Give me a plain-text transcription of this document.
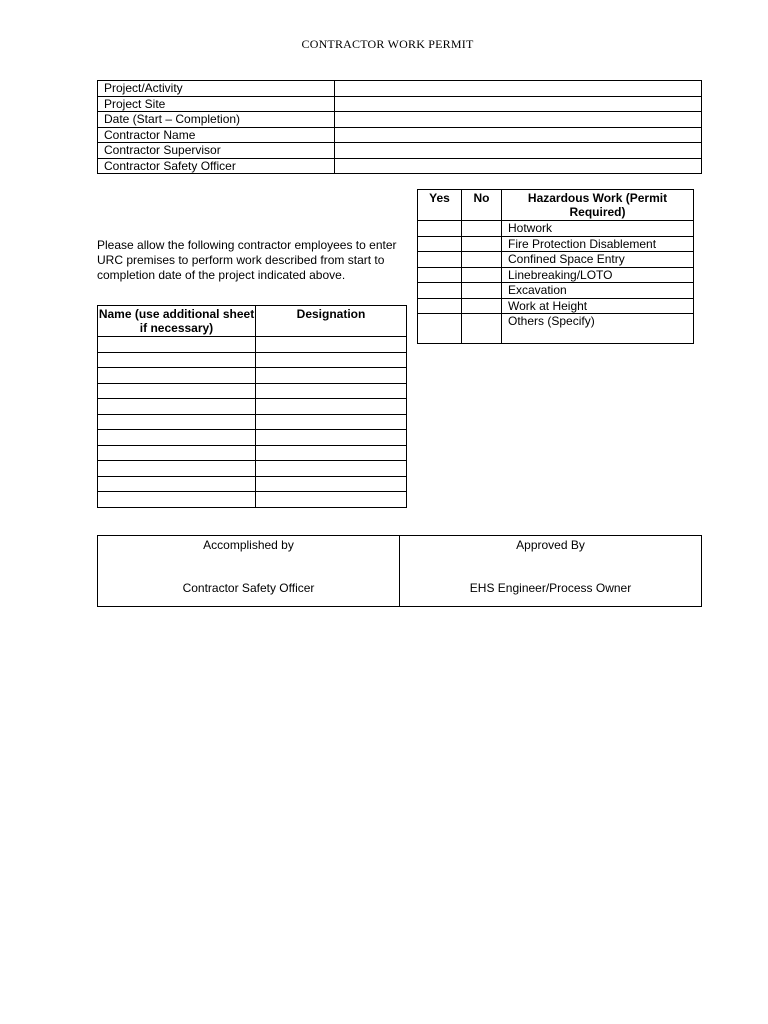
CONTRACTOR WORK PERMIT
Project/Activity	
Project Site	
Date (Start – Completion)	
Contractor Name	
Contractor Supervisor	
Contractor Safety Officer	
Yes	No	Hazardous Work (Permit Required)
		Hotwork
		Fire Protection Disablement
		Confined Space Entry
		Linebreaking/LOTO
		Excavation
		Work at Height
		Others (Specify)
Please allow the following contractor employees to enter URC premises to perform work described from start to completion date of the project indicated above.
Name (use additional sheet if necessary)	Designation

Accomplished by
Contractor Safety Officer

Approved By
EHS Engineer/Process Owner
